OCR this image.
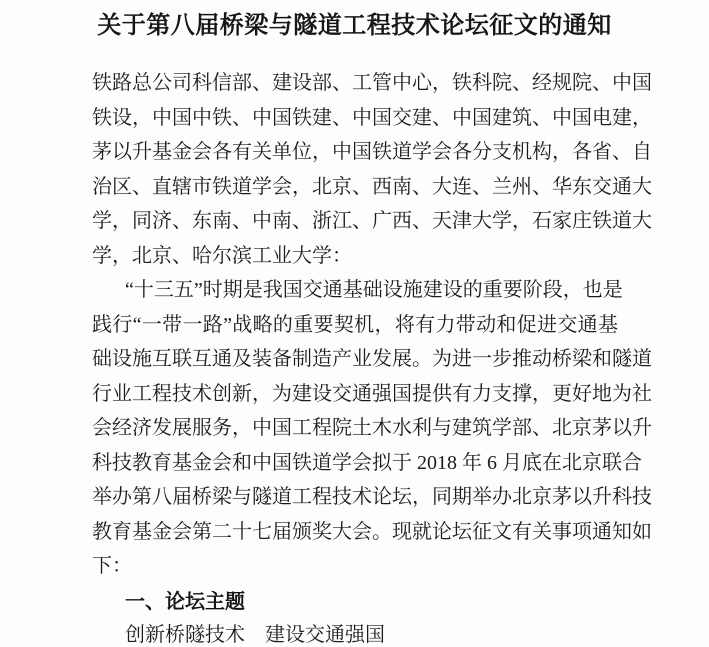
关于第八届桥梁与隧道工程技术论坛征文的通知
铁路总公司科信部、建设部、工管中心，铁科院、经规院、中国
铁设，中国中铁、中国铁建、中国交建、中国建筑、中国电建，
茅以升基金会各有关单位，中国铁道学会各分支机构，各省、自
治区、直辖市铁道学会，北京、西南、大连、兰州、华东交通大
学，同济、东南、中南、浙江、广西、天津大学，石家庄铁道大
学，北京、哈尔滨工业大学：
“十三五”时期是我国交通基础设施建设的重要阶段，也是
践行“一带一路”战略的重要契机，将有力带动和促进交通基
础设施互联互通及装备制造产业发展。为进一步推动桥梁和隧道
行业工程技术创新，为建设交通强国提供有力支撑，更好地为社
会经济发展服务，中国工程院土木水利与建筑学部、北京茅以升
科技教育基金会和中国铁道学会拟于 2018 年 6 月底在北京联合
举办第八届桥梁与隧道工程技术论坛，同期举办北京茅以升科技
教育基金会第二十七届颁奖大会。现就论坛征文有关事项通知如
下：
一、论坛主题
创新桥隧技术　建设交通强国
